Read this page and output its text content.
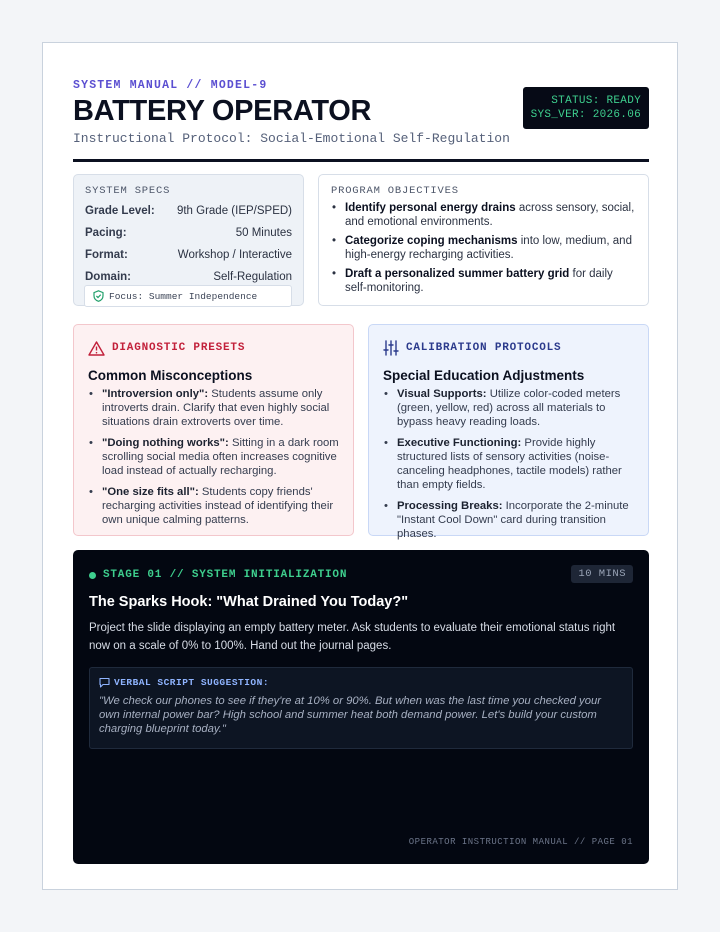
SYSTEM MANUAL // MODEL-9
BATTERY OPERATOR
Instructional Protocol: Social-Emotional Self-Regulation
STATUS: READY
SYS_VER: 2026.06
SYSTEM SPECS
Grade Level: 9th Grade (IEP/SPED)
Pacing:	50 Minutes
Format:	Workshop / Interactive
Domain:	Self-Regulation
Focus: Summer Independence
PROGRAM OBJECTIVES
• Identify personal energy drains across sensory, social, and emotional environments.
• Categorize coping mechanisms into low, medium, and high-energy recharging activities.
• Draft a personalized summer battery grid for daily self-monitoring.
DIAGNOSTIC PRESETS
Common Misconceptions
• "Introversion only": Students assume only introverts drain. Clarify that even highly social situations drain extroverts over time.
• "Doing nothing works": Sitting in a dark room scrolling social media often increases cognitive load instead of actually recharging.
• "One size fits all": Students copy friends' recharging activities instead of identifying their own unique calming patterns.
CALIBRATION PROTOCOLS
Special Education Adjustments
• Visual Supports: Utilize color-coded meters (green, yellow, red) across all materials to bypass heavy reading loads.
• Executive Functioning: Provide highly structured lists of sensory activities (noise-canceling headphones, tactile models) rather than empty fields.
• Processing Breaks: Incorporate the 2-minute "Instant Cool Down" card during transition phases.
STAGE 01 // SYSTEM INITIALIZATION	10 MINS
The Sparks Hook: "What Drained You Today?"

Project the slide displaying an empty battery meter. Ask students to evaluate their emotional status right now on a scale of 0% to 100%. Hand out the journal pages.

VERBAL SCRIPT SUGGESTION:

"We check our phones to see if they're at 10% or 90%. But when was the last time you checked your own internal power bar? High school and summer heat both demand power. Let's build your custom charging blueprint today."

OPERATOR INSTRUCTION MANUAL // PAGE 01
